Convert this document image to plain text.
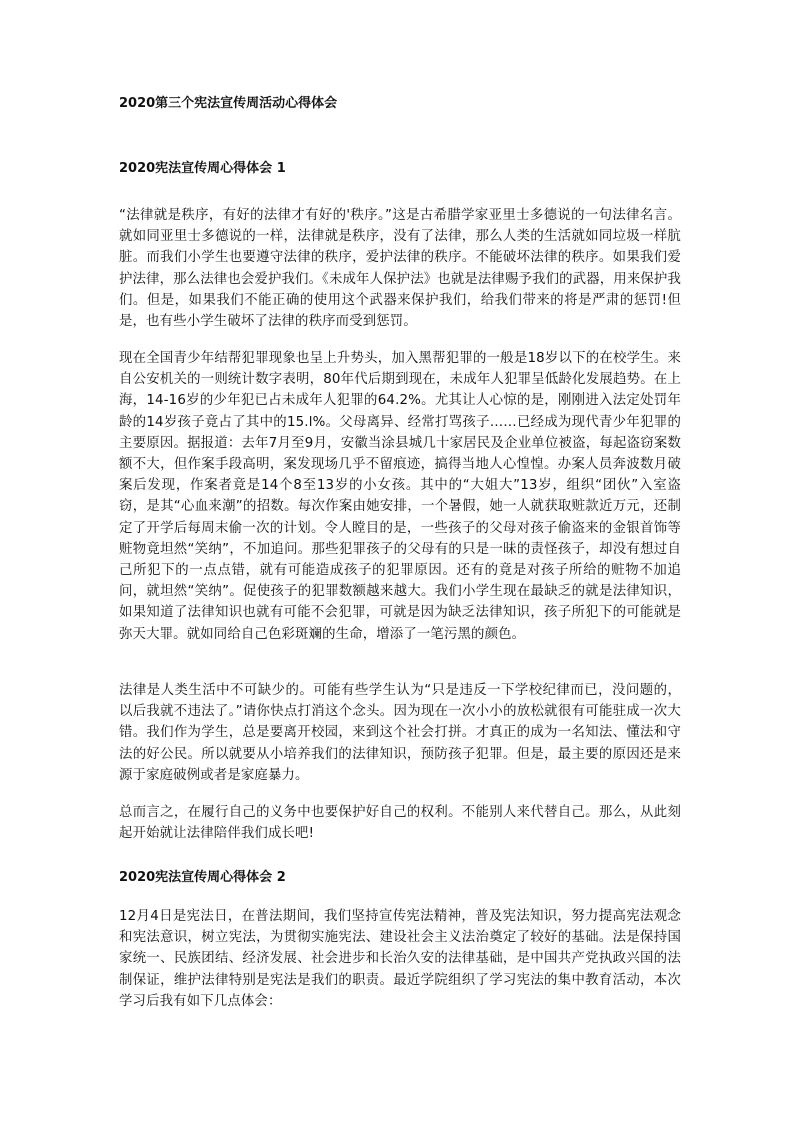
2020第三个宪法宣传周活动心得体会
2020宪法宣传周心得体会 1

“法律就是秩序，有好的法律才有好的'秩序。”这是古希腊学家亚里士多德说的一句法律名言。就如同亚里士多德说的一样，法律就是秩序，没有了法律，那么人类的生活就如同垃圾一样肮脏。而我们小学生也要遵守法律的秩序，爱护法律的秩序。不能破坏法律的秩序。如果我们爱护法律，那么法律也会爱护我们。《未成年人保护法》也就是法律赐予我们的武器，用来保护我们。但是，如果我们不能正确的使用这个武器来保护我们，给我们带来的将是严肃的惩罚!但是，也有些小学生破坏了法律的秩序而受到惩罚。

现在全国青少年结帮犯罪现象也呈上升势头，加入黑帮犯罪的一般是18岁以下的在校学生。来自公安机关的一则统计数字表明，80年代后期到现在，未成年人犯罪呈低龄化发展趋势。在上海，14-16岁的少年犯已占未成年人犯罪的64.2%。尤其让人心惊的是，刚刚进入法定处罚年龄的14岁孩子竟占了其中的15.l%。父母离异、经常打骂孩子……已经成为现代青少年犯罪的主要原因。据报道：去年7月至9月，安徽当涂县城几十家居民及企业单位被盗，每起盗窃案数额不大，但作案手段高明，案发现场几乎不留痕迹，搞得当地人心惶惶。办案人员奔波数月破案后发现，作案者竟是14个8至13岁的小女孩。其中的“大姐大”13岁，组织“团伙”入室盗窃，是其“心血来潮”的招数。每次作案由她安排，一个暑假，她一人就获取赃款近万元，还制定了开学后每周末偷一次的计划。令人瞠目的是，一些孩子的父母对孩子偷盗来的金银首饰等赃物竟坦然“笑纳”，不加追问。那些犯罪孩子的父母有的只是一昧的责怪孩子，却没有想过自己所犯下的一点点错，就有可能造成孩子的犯罪原因。还有的竟是对孩子所给的赃物不加追问，就坦然“笑纳”。促使孩子的犯罪数额越来越大。我们小学生现在最缺乏的就是法律知识，如果知道了法律知识也就有可能不会犯罪，可就是因为缺乏法律知识，孩子所犯下的可能就是弥天大罪。就如同给自己色彩斑斓的生命，增添了一笔污黑的颜色。

法律是人类生活中不可缺少的。可能有些学生认为“只是违反一下学校纪律而已，没问题的，以后我就不违法了。”请你快点打消这个念头。因为现在一次小小的放松就很有可能驻成一次大错。我们作为学生，总是要离开校园，来到这个社会打拼。才真正的成为一名知法、懂法和守法的好公民。所以就要从小培养我们的法律知识，预防孩子犯罪。但是，最主要的原因还是来源于家庭破例或者是家庭暴力。

总而言之，在履行自己的义务中也要保护好自己的权利。不能别人来代替自己。那么，从此刻起开始就让法律陪伴我们成长吧!

2020宪法宣传周心得体会 2

12月4日是宪法日，在普法期间，我们坚持宣传宪法精神，普及宪法知识，努力提高宪法观念和宪法意识，树立宪法，为贯彻实施宪法、建设社会主义法治奠定了较好的基础。法是保持国家统一、民族团结、经济发展、社会进步和长治久安的法律基础，是中国共产党执政兴国的法制保证，维护法律特别是宪法是我们的职责。最近学院组织了学习宪法的集中教育活动，本次学习后我有如下几点体会：
